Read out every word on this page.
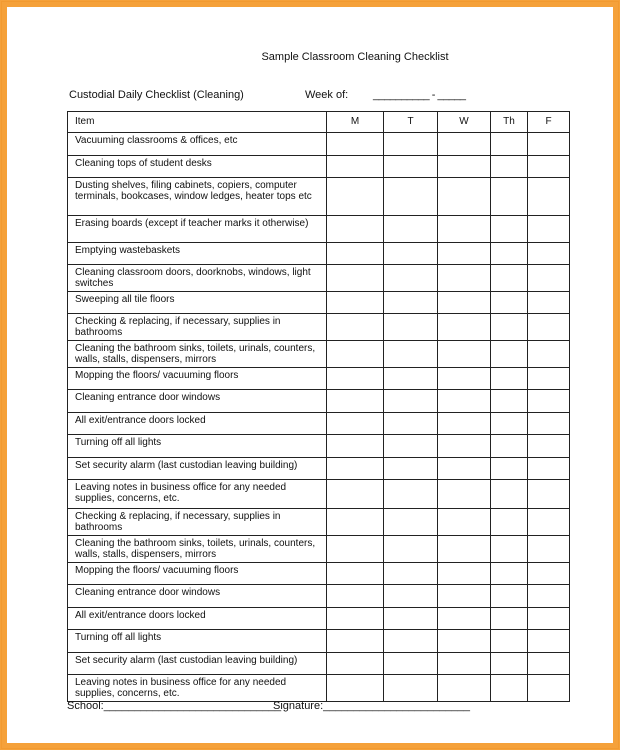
Sample Classroom Cleaning Checklist
Custodial Daily Checklist (Cleaning)	Week of: __________ - _____
Item	M	T	W	Th	F
Vacuuming classrooms & offices, etc					
Cleaning tops of student desks					
Dusting shelves, filing cabinets, copiers, computer terminals, bookcases, window ledges, heater tops etc					
Erasing boards (except if teacher marks it otherwise)					
Emptying wastebaskets					
Cleaning classroom doors, doorknobs, windows, light switches					
Sweeping all tile floors					
Checking & replacing, if necessary, supplies in bathrooms					
Cleaning the bathroom sinks, toilets, urinals, counters, walls, stalls, dispensers, mirrors					
Mopping the floors/ vacuuming floors					
Cleaning entrance door windows					
All exit/entrance doors locked					
Turning off all lights					
Set security alarm (last custodian leaving building)					
Leaving notes in business office for any needed supplies, concerns, etc.					
Checking & replacing, if necessary, supplies in bathrooms					
Cleaning the bathroom sinks, toilets, urinals, counters, walls, stalls, dispensers, mirrors					
Mopping the floors/ vacuuming floors					
Cleaning entrance door windows					
All exit/entrance doors locked					
Turning off all lights					
Set security alarm (last custodian leaving building)					
Leaving notes in business office for any needed supplies, concerns, etc.					
School:_____________________________
Signature:________________________
